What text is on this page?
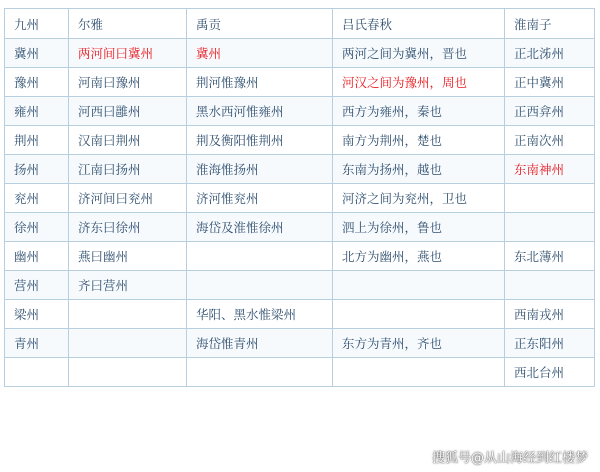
九州	尔雅	禹贡	吕氏春秋	淮南子
冀州	两河间曰冀州	冀州	两河之间为冀州，晋也	正北泲州
豫州	河南曰豫州	荆河惟豫州	河汉之间为豫州，周也	正中冀州
雍州	河西曰雝州	黑水西河惟雍州	西方为雍州，秦也	正西弇州
荆州	汉南曰荆州	荆及衡阳惟荆州	南方为荆州，楚也	正南次州
扬州	江南曰扬州	淮海惟扬州	东南为扬州，越也	东南神州
兖州	济河间曰兖州	济河惟兖州	河济之间为兖州，卫也	
徐州	济东曰徐州	海岱及淮惟徐州	泗上为徐州，鲁也	
幽州	燕曰幽州		北方为幽州，燕也	东北薄州
营州	齐曰营州			
梁州		华阳、黑水惟梁州		西南戎州
青州		海岱惟青州	东方为青州，齐也	正东阳州
				西北台州
搜狐号@从山海经到红楼梦
